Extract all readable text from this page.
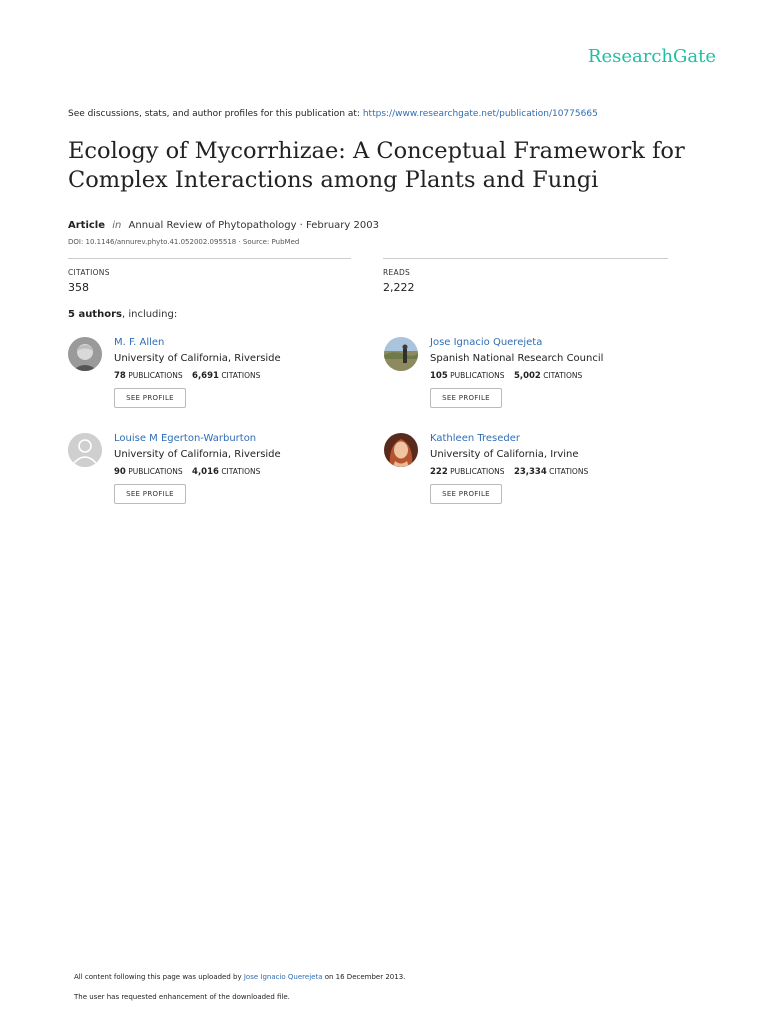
ResearchGate
See discussions, stats, and author profiles for this publication at: https://www.researchgate.net/publication/10775665
Ecology of Mycorrhizae: A Conceptual Framework for Complex Interactions among Plants and Fungi
Article in Annual Review of Phytopathology · February 2003
DOI: 10.1146/annurev.phyto.41.052002.095518 · Source: PubMed
CITATIONS
358
READS
2,222
5 authors, including:
M. F. Allen
University of California, Riverside
78 PUBLICATIONS 6,691 CITATIONS
SEE PROFILE
Jose Ignacio Querejeta
Spanish National Research Council
105 PUBLICATIONS 5,002 CITATIONS
SEE PROFILE
Louise M Egerton-Warburton
University of California, Riverside
90 PUBLICATIONS 4,016 CITATIONS
SEE PROFILE
Kathleen Treseder
University of California, Irvine
222 PUBLICATIONS 23,334 CITATIONS
SEE PROFILE
All content following this page was uploaded by Jose Ignacio Querejeta on 16 December 2013.
The user has requested enhancement of the downloaded file.
